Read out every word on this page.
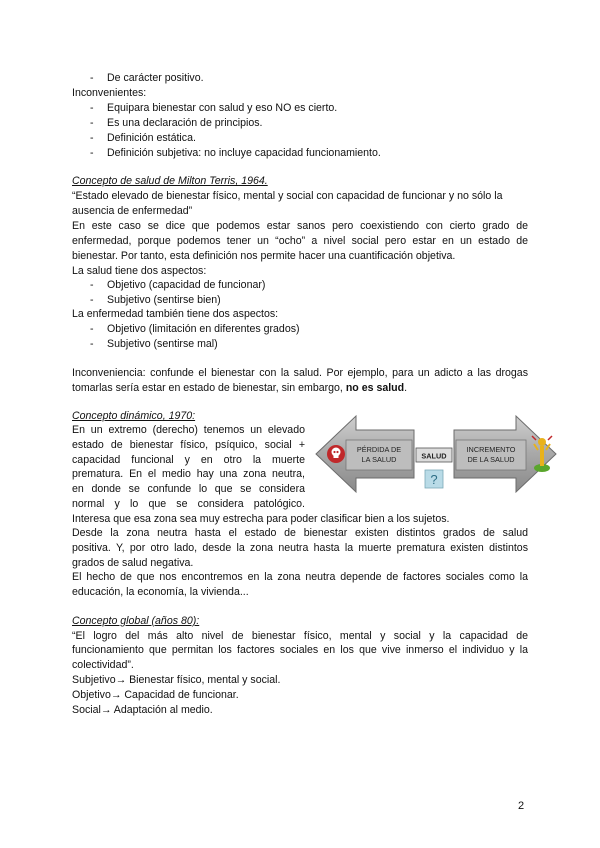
- De carácter positivo.
Inconvenientes:
- Equipara bienestar con salud y eso NO es cierto.
- Es una declaración de principios.
- Definición estática.
- Definición subjetiva: no incluye capacidad funcionamiento.
Concepto de salud de Milton Terris, 1964.
“Estado elevado de bienestar físico, mental y social con capacidad de funcionar y no sólo la
ausencia de enfermedad”
En este caso se dice que podemos estar sanos pero coexistiendo con cierto grado de
enfermedad, porque podemos tener un “ocho” a nivel social pero estar en un estado de
bienestar. Por tanto, esta definición nos permite hacer una cuantificación objetiva.
La salud tiene dos aspectos:
- Objetivo (capacidad de funcionar)
- Subjetivo (sentirse bien)
La enfermedad también tiene dos aspectos:
- Objetivo (limitación en diferentes grados)
- Subjetivo (sentirse mal)
Inconveniencia: confunde el bienestar con la salud. Por ejemplo, para un adicto a las drogas
tomarlas sería estar en estado de bienestar, sin embargo, no es salud.
Concepto dinámico, 1970:
En un extremo (derecho) tenemos un elevado
estado de bienestar físico, psíquico, social +
capacidad funcional y en otro la muerte
prematura. En el medio hay una zona neutra,
en donde se confunde lo que se considera
normal y lo que se considera patológico.
PÉRDIDA DE
LA SALUD
INCREMENTO
DE LA SALUD
SALUD
?
Interesa que esa zona sea muy estrecha para poder clasificar bien a los sujetos.
Desde la zona neutra hasta el estado de bienestar existen distintos grados de salud
positiva. Y, por otro lado, desde la zona neutra hasta la muerte prematura existen distintos
grados de salud negativa.
El hecho de que nos encontremos en la zona neutra depende de factores sociales como la
educación, la economía, la vivienda...
Concepto global (años 80):
“El logro del más alto nivel de bienestar físico, mental y social y la capacidad de
funcionamiento que permitan los factores sociales en los que vive inmerso el individuo y la
colectividad”.
Subjetivo→ Bienestar físico, mental y social.
Objetivo→ Capacidad de funcionar.
Social→ Adaptación al medio.
2
